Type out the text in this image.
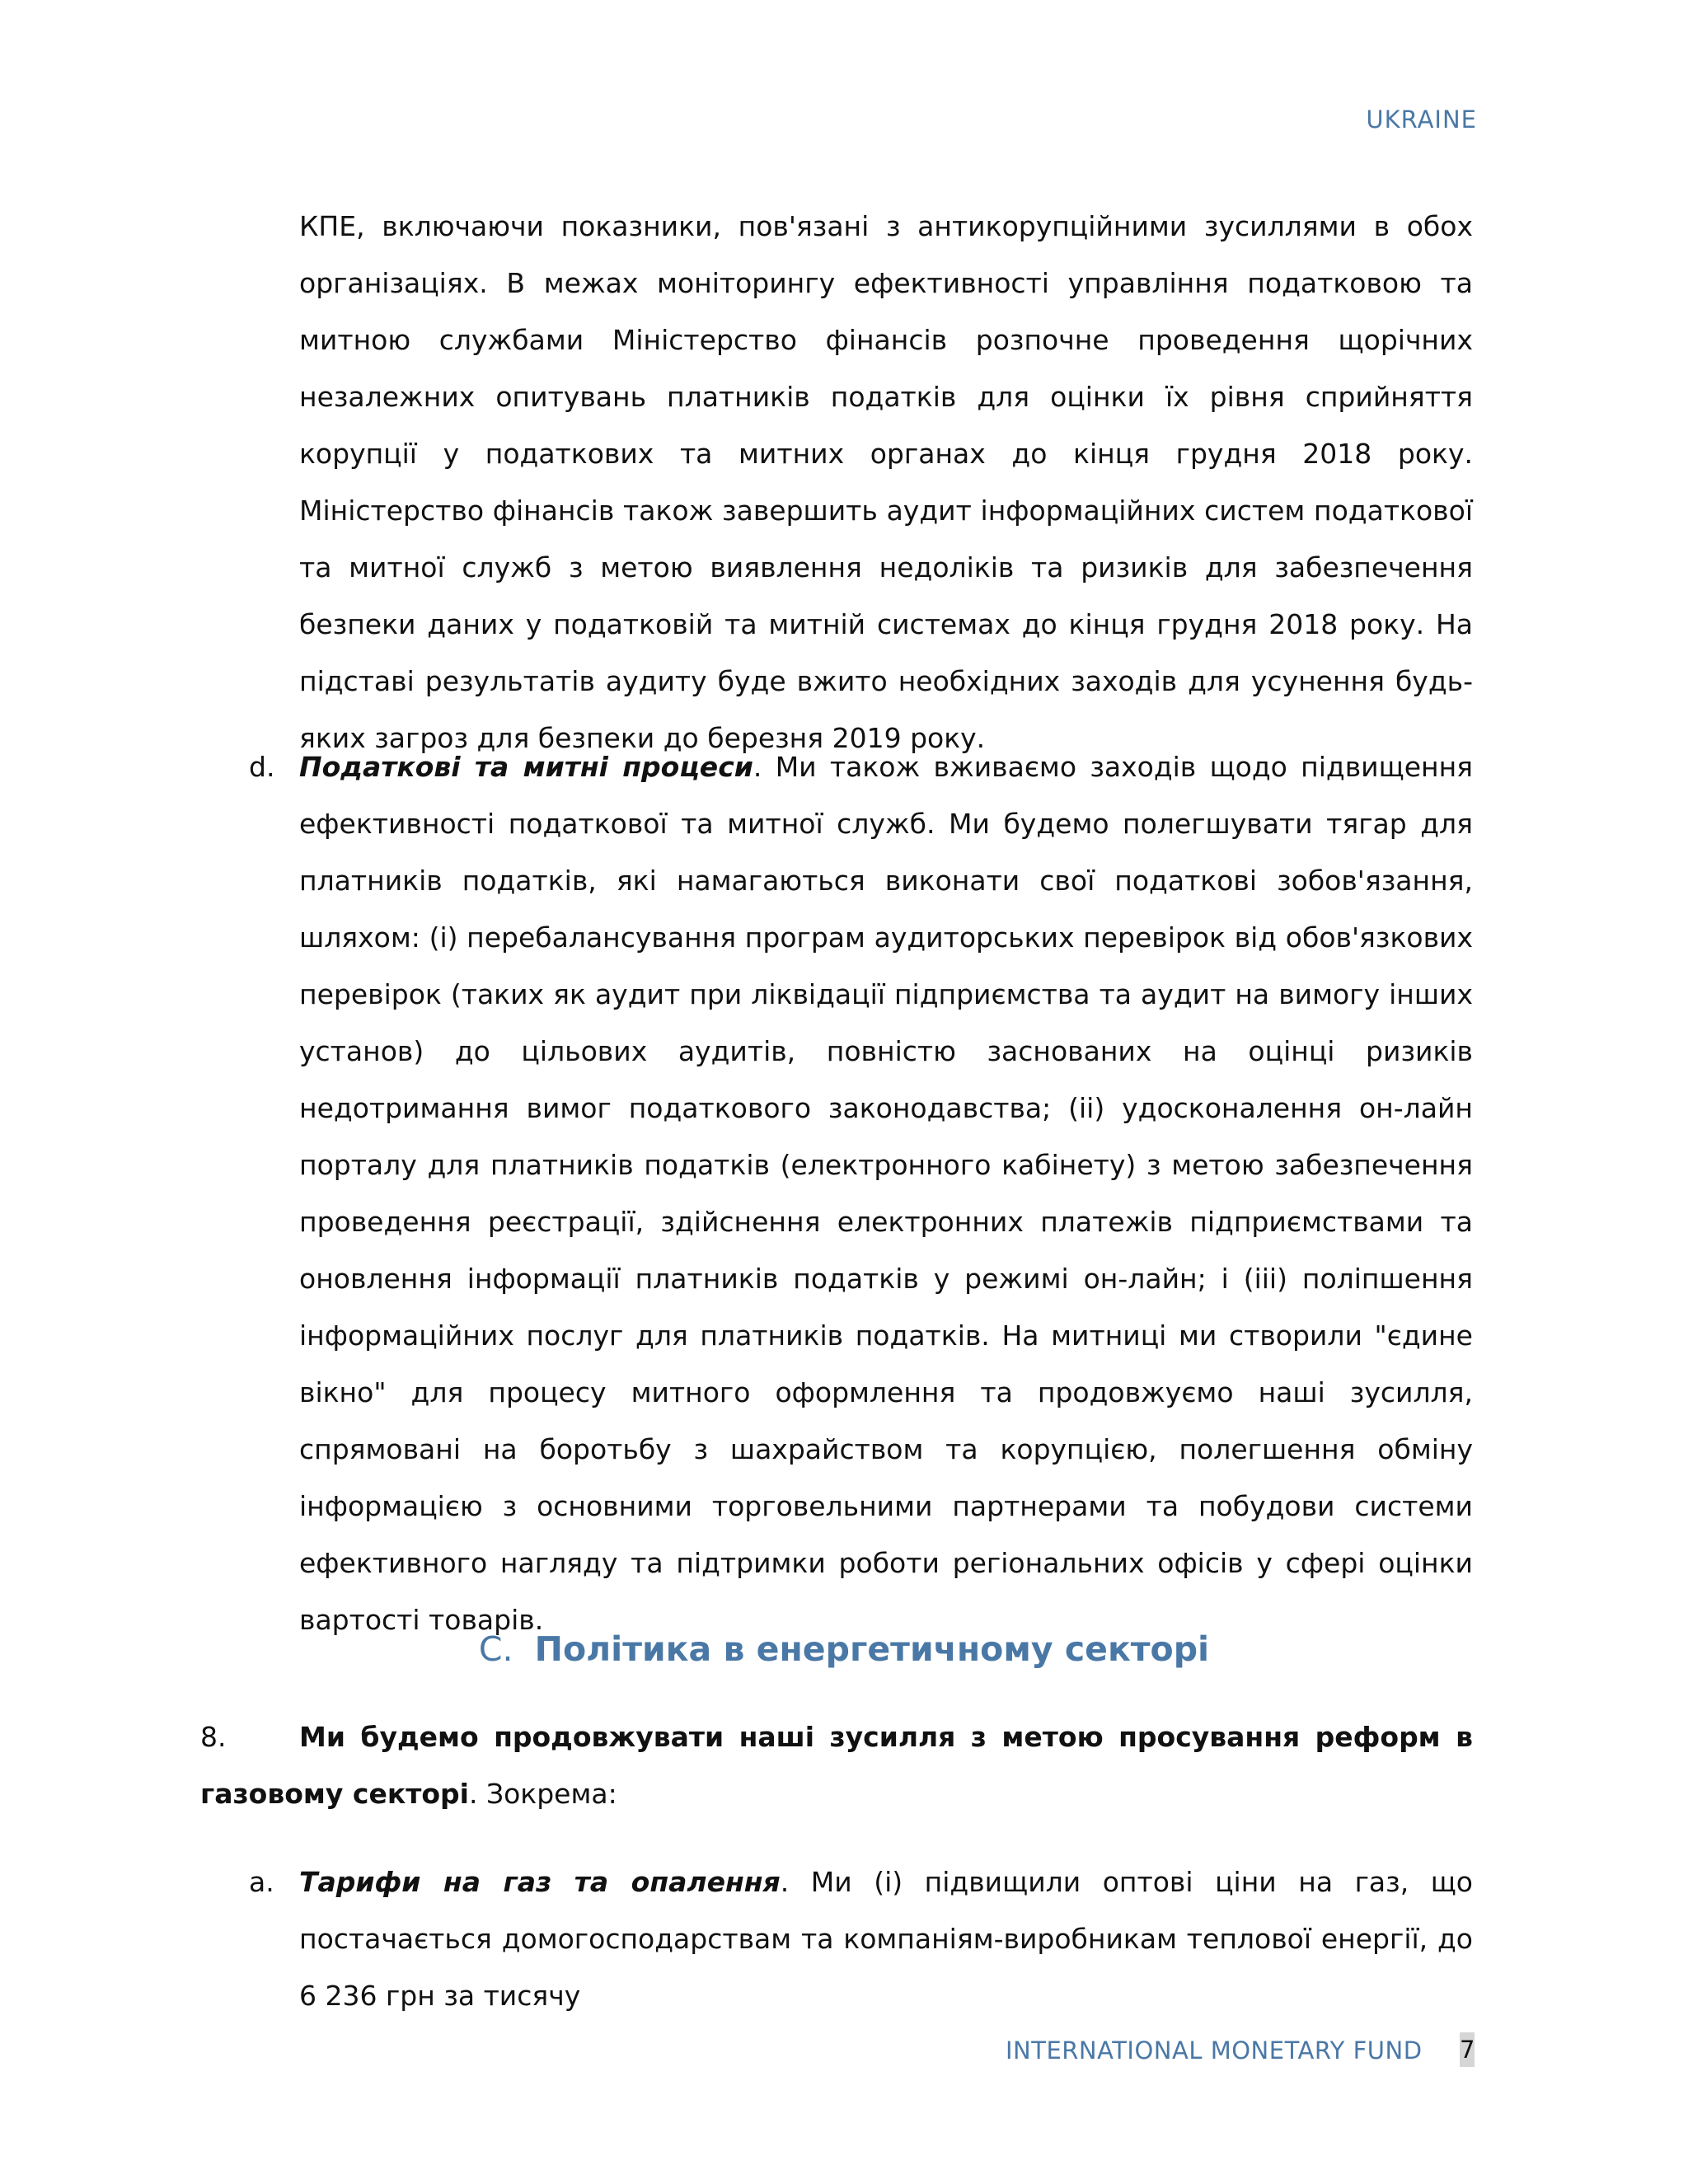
UKRAINE
КПЕ, включаючи показники, пов'язані з антикорупційними зусиллями в обох організаціях. В межах моніторингу ефективності управління податковою та митною службами Міністерство фінансів розпочне проведення щорічних незалежних опитувань платників податків для оцінки їх рівня сприйняття корупції у податкових та митних органах до кінця грудня 2018 року. Міністерство фінансів також завершить аудит інформаційних систем податкової та митної служб з метою виявлення недоліків та ризиків для забезпечення безпеки даних у податковій та митній системах до кінця грудня 2018 року. На підставі результатів аудиту буде вжито необхідних заходів для усунення будь-яких загроз для безпеки до березня 2019 року.
d. Податкові та митні процеси. Ми також вживаємо заходів щодо підвищення ефективності податкової та митної служб. Ми будемо полегшувати тягар для платників податків, які намагаються виконати свої податкові зобов'язання, шляхом: (i) перебалансування програм аудиторських перевірок від обов'язкових перевірок (таких як аудит при ліквідації підприємства та аудит на вимогу інших установ) до цільових аудитів, повністю заснованих на оцінці ризиків недотримання вимог податкового законодавства; (ii) удосконалення он-лайн порталу для платників податків (електронного кабінету) з метою забезпечення проведення реєстрації, здійснення електронних платежів підприємствами та оновлення інформації платників податків у режимі он-лайн; і (iii) поліпшення інформаційних послуг для платників податків. На митниці ми створили "єдине вікно" для процесу митного оформлення та продовжуємо наші зусилля, спрямовані на боротьбу з шахрайством та корупцією, полегшення обміну інформацією з основними торговельними партнерами та побудови системи ефективного нагляду та підтримки роботи регіональних офісів у сфері оцінки вартості товарів.
C. Політика в енергетичному секторі
8.	Ми будемо продовжувати наші зусилля з метою просування реформ в газовому секторі. Зокрема:
a. Тарифи на газ та опалення. Ми (і) підвищили оптові ціни на газ, що постачається домогосподарствам та компаніям-виробникам теплової енергії, до 6 236 грн за тисячу
INTERNATIONAL MONETARY FUND 7
